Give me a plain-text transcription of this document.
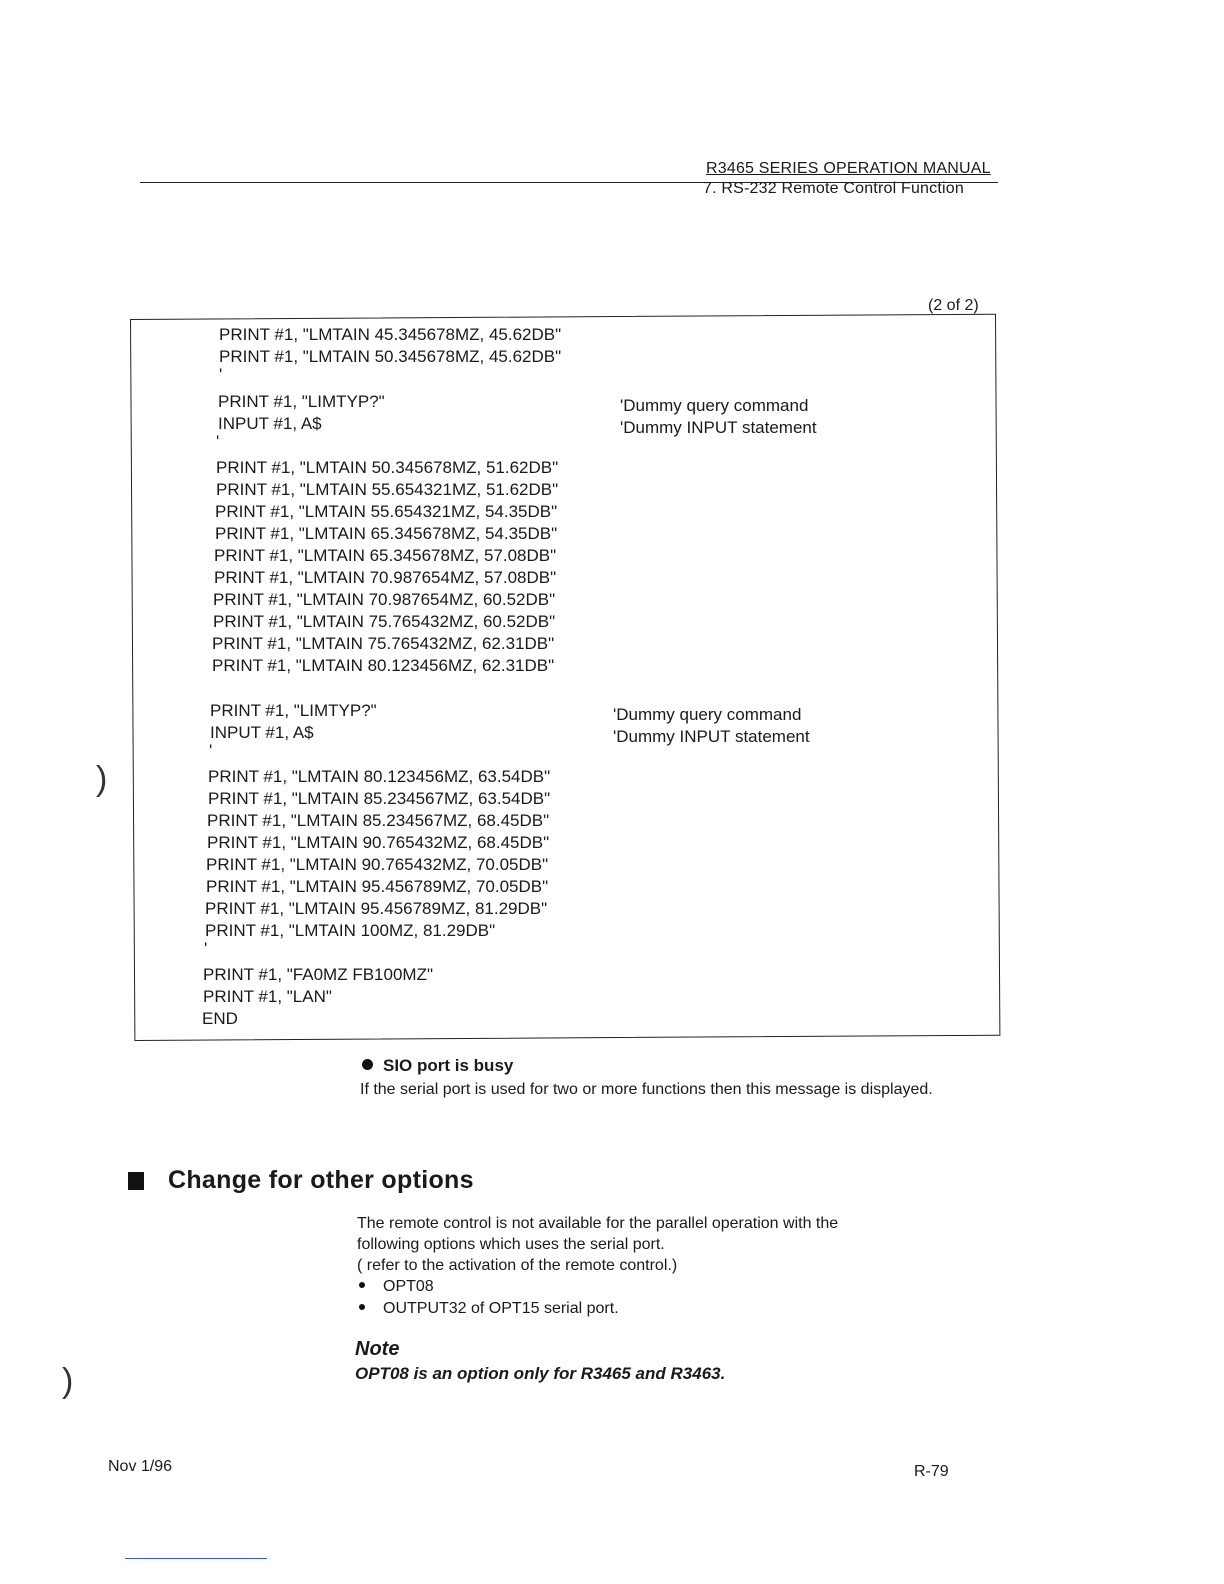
R3465 SERIES OPERATION MANUAL
7. RS-232 Remote Control Function
(2 of 2)
PRINT #1, "LMTAIN 45.345678MZ, 45.62DB"
PRINT #1, "LMTAIN 50.345678MZ, 45.62DB"
'
PRINT #1, "LIMTYP?"
INPUT #1, A$
'
PRINT #1, "LMTAIN 50.345678MZ, 51.62DB"
PRINT #1, "LMTAIN 55.654321MZ, 51.62DB"
PRINT #1, "LMTAIN 55.654321MZ, 54.35DB"
PRINT #1, "LMTAIN 65.345678MZ, 54.35DB"
PRINT #1, "LMTAIN 65.345678MZ, 57.08DB"
PRINT #1, "LMTAIN 70.987654MZ, 57.08DB"
PRINT #1, "LMTAIN 70.987654MZ, 60.52DB"
PRINT #1, "LMTAIN 75.765432MZ, 60.52DB"
PRINT #1, "LMTAIN 75.765432MZ, 62.31DB"
PRINT #1, "LMTAIN 80.123456MZ, 62.31DB"
PRINT #1, "LIMTYP?"
INPUT #1, A$
'
PRINT #1, "LMTAIN 80.123456MZ, 63.54DB"
PRINT #1, "LMTAIN 85.234567MZ, 63.54DB"
PRINT #1, "LMTAIN 85.234567MZ, 68.45DB"
PRINT #1, "LMTAIN 90.765432MZ, 68.45DB"
PRINT #1, "LMTAIN 90.765432MZ, 70.05DB"
PRINT #1, "LMTAIN 95.456789MZ, 70.05DB"
PRINT #1, "LMTAIN 95.456789MZ, 81.29DB"
PRINT #1, "LMTAIN 100MZ, 81.29DB"
'
PRINT #1, "FA0MZ FB100MZ"
PRINT #1, "LAN"
END
'Dummy query command
'Dummy INPUT statement
'Dummy query command
'Dummy INPUT statement
SIO port is busy
If the serial port is used for two or more functions then this message is displayed.
Change for other options
The remote control is not available for the parallel operation with the
following options which uses the serial port.
( refer to the activation of the remote control.)
OPT08
OUTPUT32 of OPT15 serial port.
Note
OPT08 is an option only for R3465 and R3463.
Nov 1/96	R-79
)
)
